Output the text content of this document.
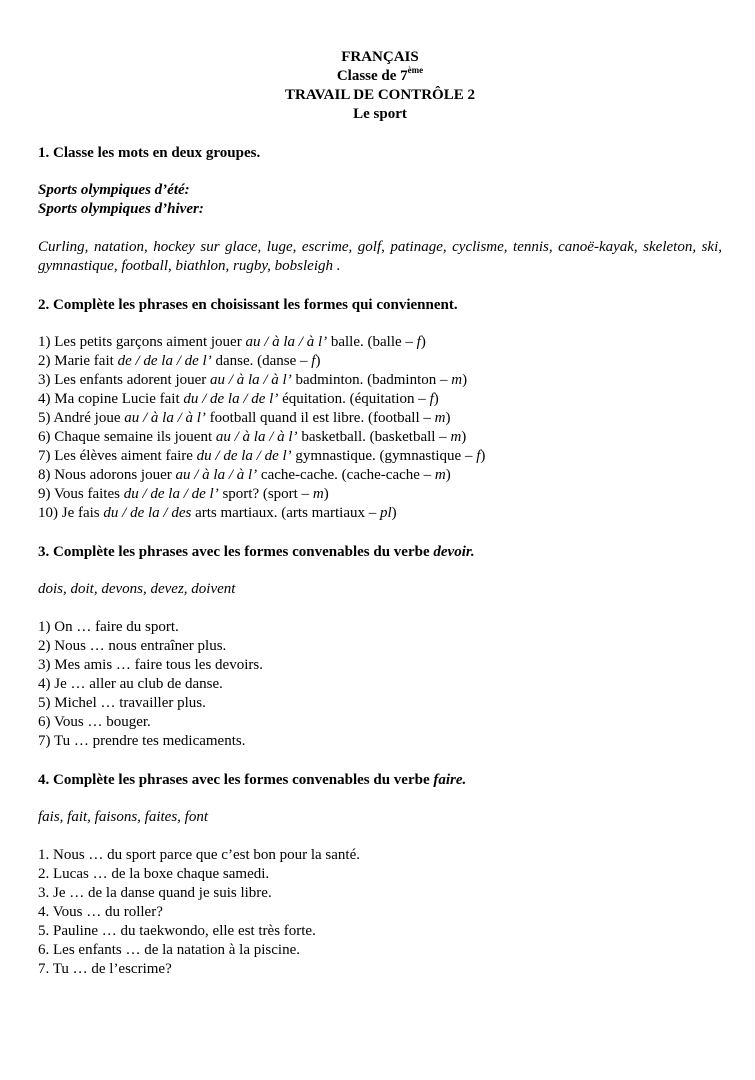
FRANÇAIS
Classe de 7ème
TRAVAIL DE CONTRÔLE 2
Le sport
1. Classe les mots en deux groupes.
Sports olympiques d’été:
Sports olympiques d’hiver:
Curling, natation, hockey sur glace, luge, escrime, golf, patinage, cyclisme, tennis, canoë-kayak, skeleton, ski, gymnastique, football, biathlon, rugby, bobsleigh .
2. Complète les phrases en choisissant les formes qui conviennent.
1) Les petits garçons aiment jouer au / à la / à l’ balle. (balle – f)
2) Marie fait de / de la / de l’ danse. (danse – f)
3) Les enfants adorent jouer au / à la / à l’ badminton. (badminton – m)
4) Ma copine Lucie fait du / de la / de l’ équitation. (équitation – f)
5) André joue au / à la / à l’ football quand il est libre. (football – m)
6) Chaque semaine ils jouent au / à la / à l’ basketball. (basketball – m)
7) Les élèves aiment faire du / de la / de l’ gymnastique. (gymnastique – f)
8) Nous adorons jouer au / à la / à l’ cache-cache. (cache-cache – m)
9) Vous faites du / de la / de l’ sport? (sport – m)
10) Je fais du / de la / des arts martiaux. (arts martiaux – pl)
3. Complète les phrases avec les formes convenables du verbe devoir.
dois, doit, devons, devez, doivent
1) On … faire du sport.
2) Nous … nous entraîner plus.
3) Mes amis … faire tous les devoirs.
4) Je … aller au club de danse.
5) Michel … travailler plus.
6) Vous … bouger.
7) Tu … prendre tes medicaments.
4. Complète les phrases avec les formes convenables du verbe faire.
fais, fait, faisons, faites, font
1. Nous … du sport parce que c’est bon pour la santé.
2. Lucas … de la boxe chaque samedi.
3. Je … de la danse quand je suis libre.
4. Vous … du roller?
5. Pauline … du taekwondo, elle est très forte.
6. Les enfants … de la natation à la piscine.
7. Tu … de l’escrime?
